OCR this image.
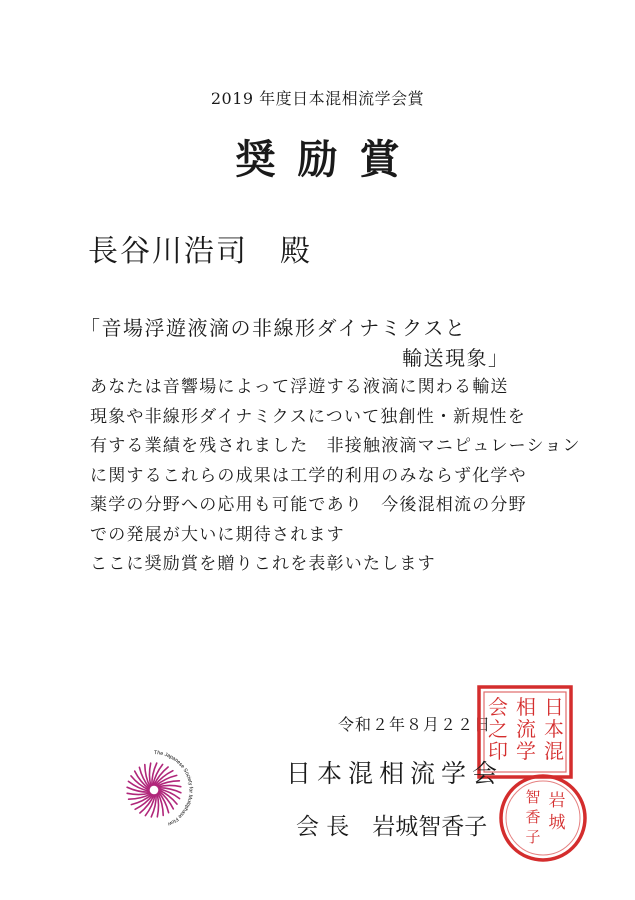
2019 年度日本混相流学会賞
奨励賞
長谷川浩司　殿
「音場浮遊液滴の非線形ダイナミクスと
輸送現象」
あなたは音響場によって浮遊する液滴に関わる輸送
現象や非線形ダイナミクスについて独創性・新規性を
有する業績を残されました　非接触液滴マニピュレーション
に関するこれらの成果は工学的利用のみならず化学や
薬学の分野への応用も可能であり　今後混相流の分野
での発展が大いに期待されます
ここに奨励賞を贈りこれを表彰いたします
令和２年８月２２日
The Japanese Society for Multiphase Flow
日
本
混
相
流
学
会
之
印
岩
城
智
香
子
日本混相流学会
会 長　岩城智香子
